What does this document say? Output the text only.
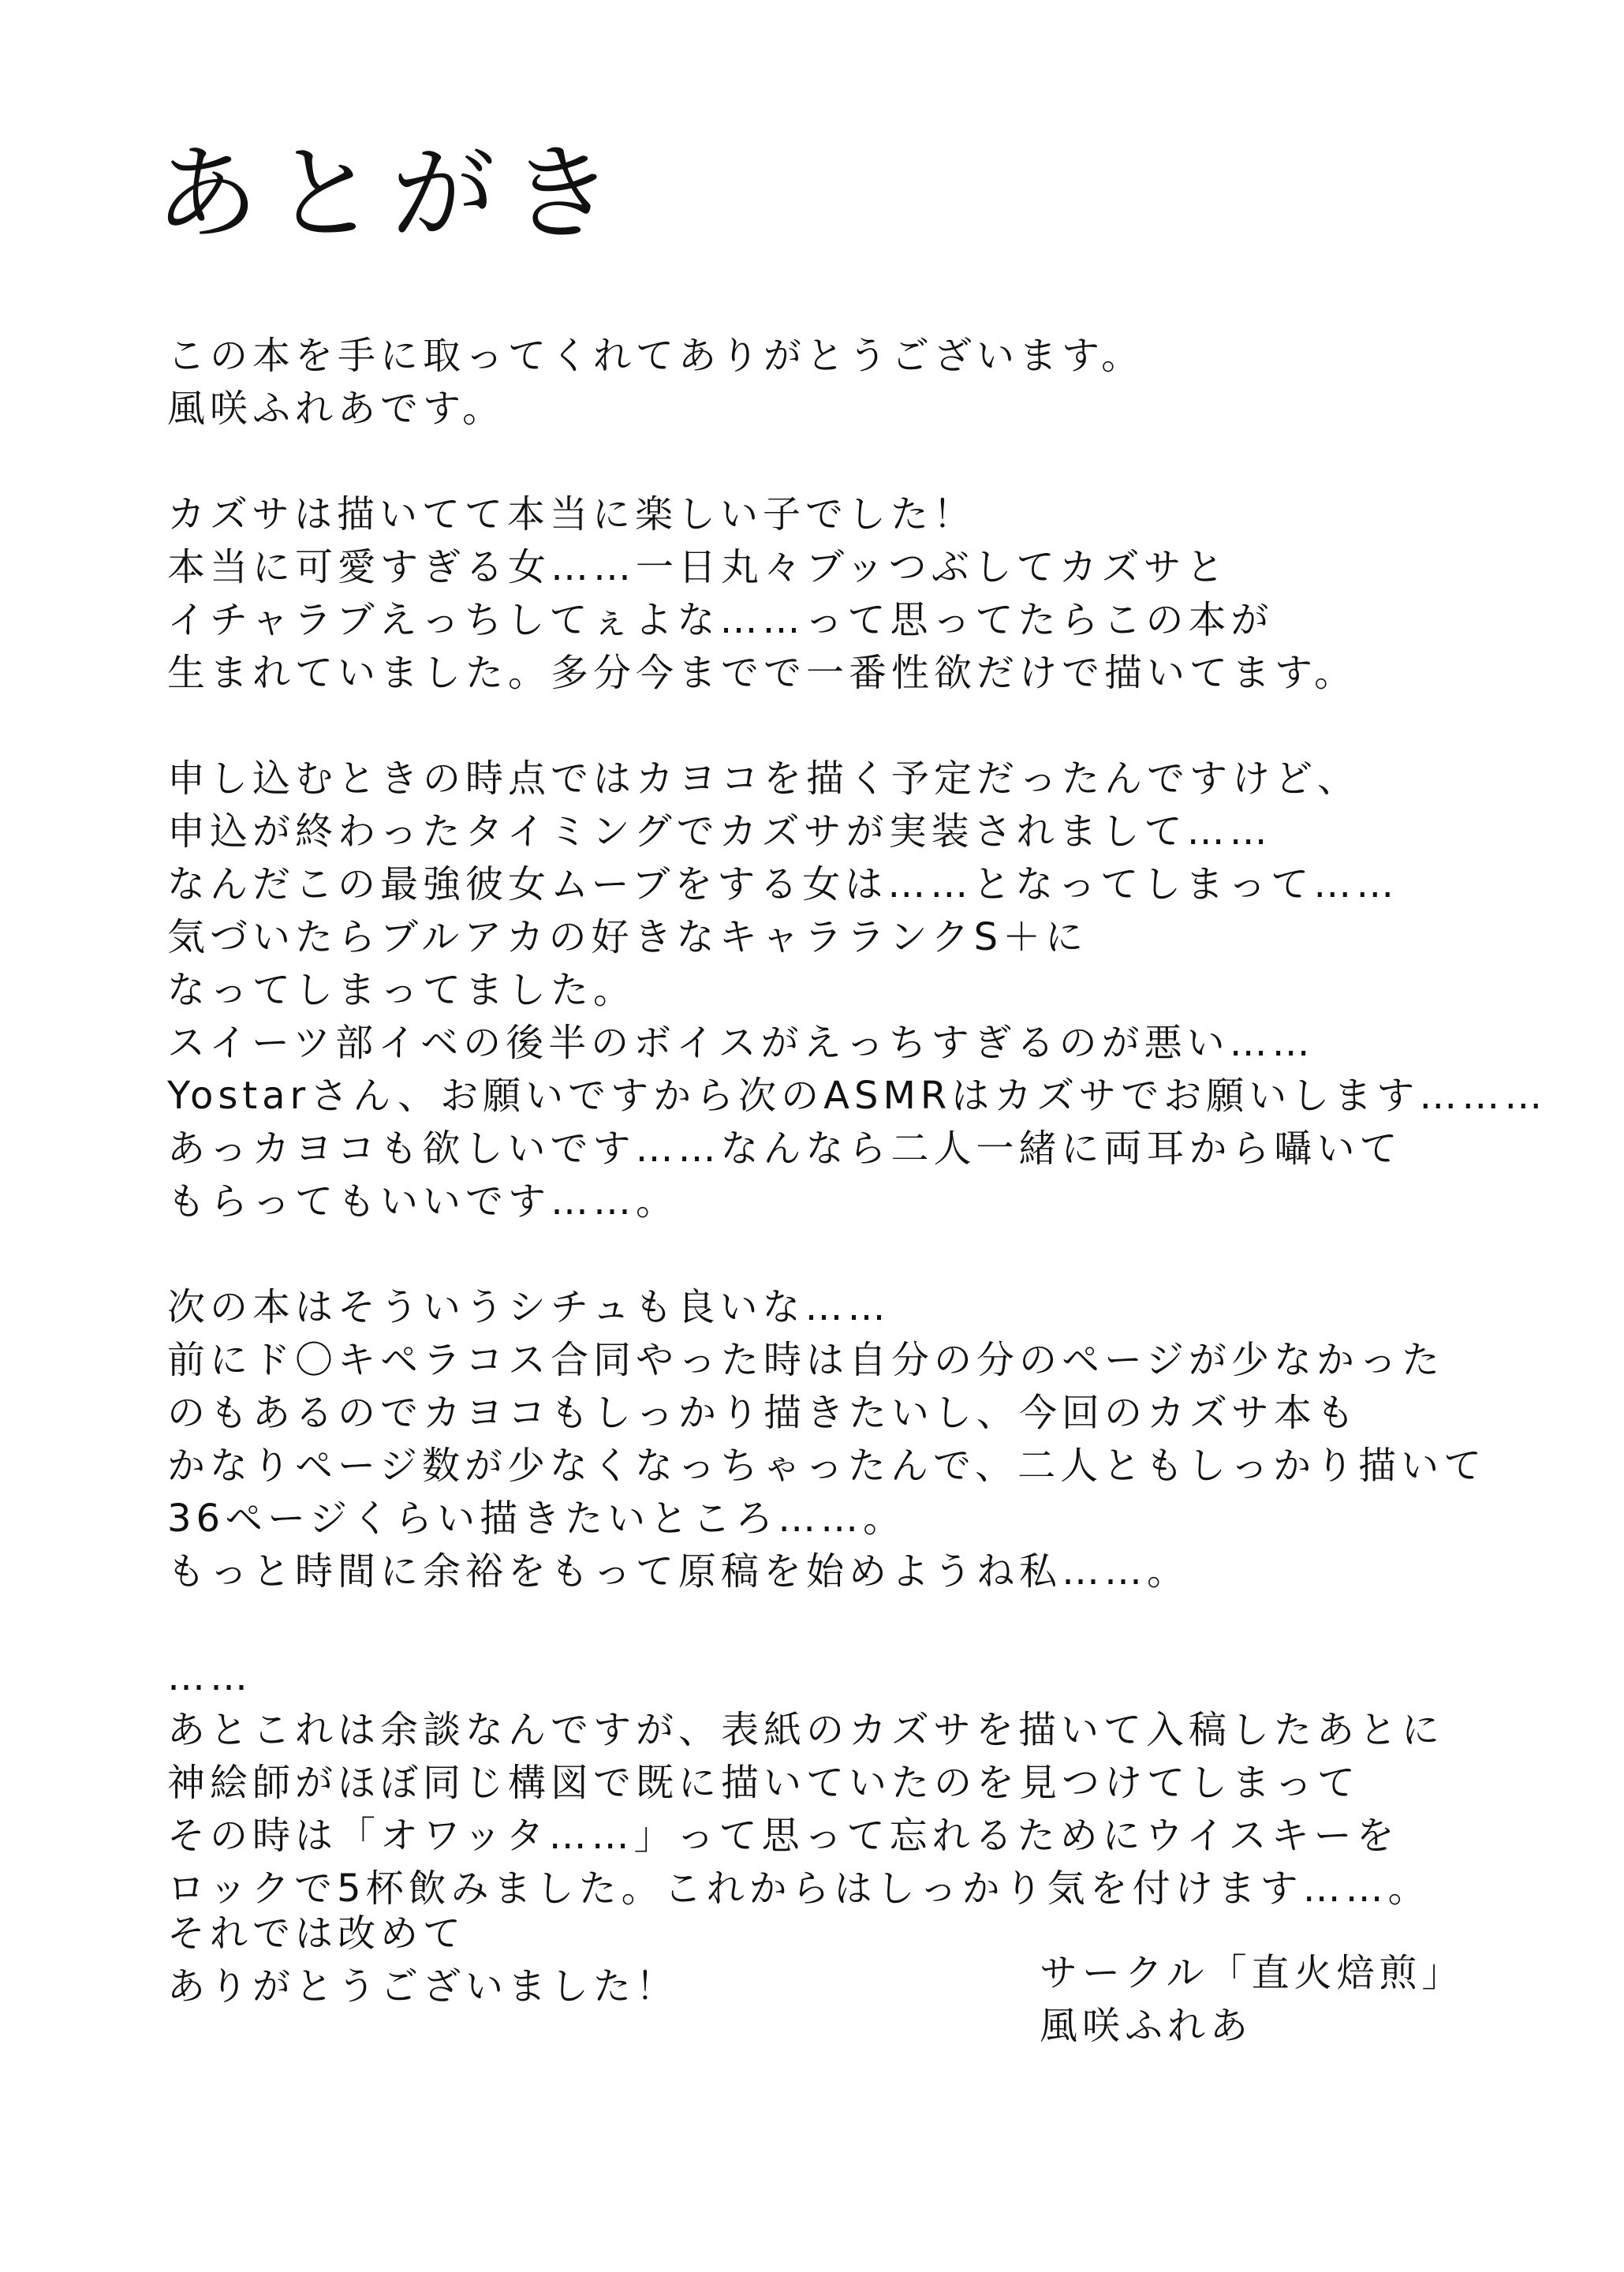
あとがき
この本を手に取ってくれてありがとうございます。
風咲ふれあです。
カズサは描いてて本当に楽しい子でした！
本当に可愛すぎる女……一日丸々ブッつぶしてカズサと
イチャラブえっちしてぇよな……って思ってたらこの本が
生まれていました。多分今までで一番性欲だけで描いてます。
申し込むときの時点ではカヨコを描く予定だったんですけど、
申込が終わったタイミングでカズサが実装されまして……
なんだこの最強彼女ムーブをする女は……となってしまって……
気づいたらブルアカの好きなキャラランクS＋に
なってしまってました。
スイーツ部イベの後半のボイスがえっちすぎるのが悪い……
Yostarさん、お願いですから次のASMRはカズサでお願いします………
あっカヨコも欲しいです……なんなら二人一緒に両耳から囁いて
もらってもいいです……。
次の本はそういうシチュも良いな……
前にド〇キペラコス合同やった時は自分の分のページが少なかった
のもあるのでカヨコもしっかり描きたいし、今回のカズサ本も
かなりページ数が少なくなっちゃったんで、二人ともしっかり描いて
36ページくらい描きたいところ……。
もっと時間に余裕をもって原稿を始めようね私……。
……
あとこれは余談なんですが、表紙のカズサを描いて入稿したあとに
神絵師がほぼ同じ構図で既に描いていたのを見つけてしまって
その時は「オワッタ……」って思って忘れるためにウイスキーを
ロックで5杯飲みました。これからはしっかり気を付けます……。
それでは改めて
ありがとうございました！	サークル「直火焙煎」
風咲ふれあ
